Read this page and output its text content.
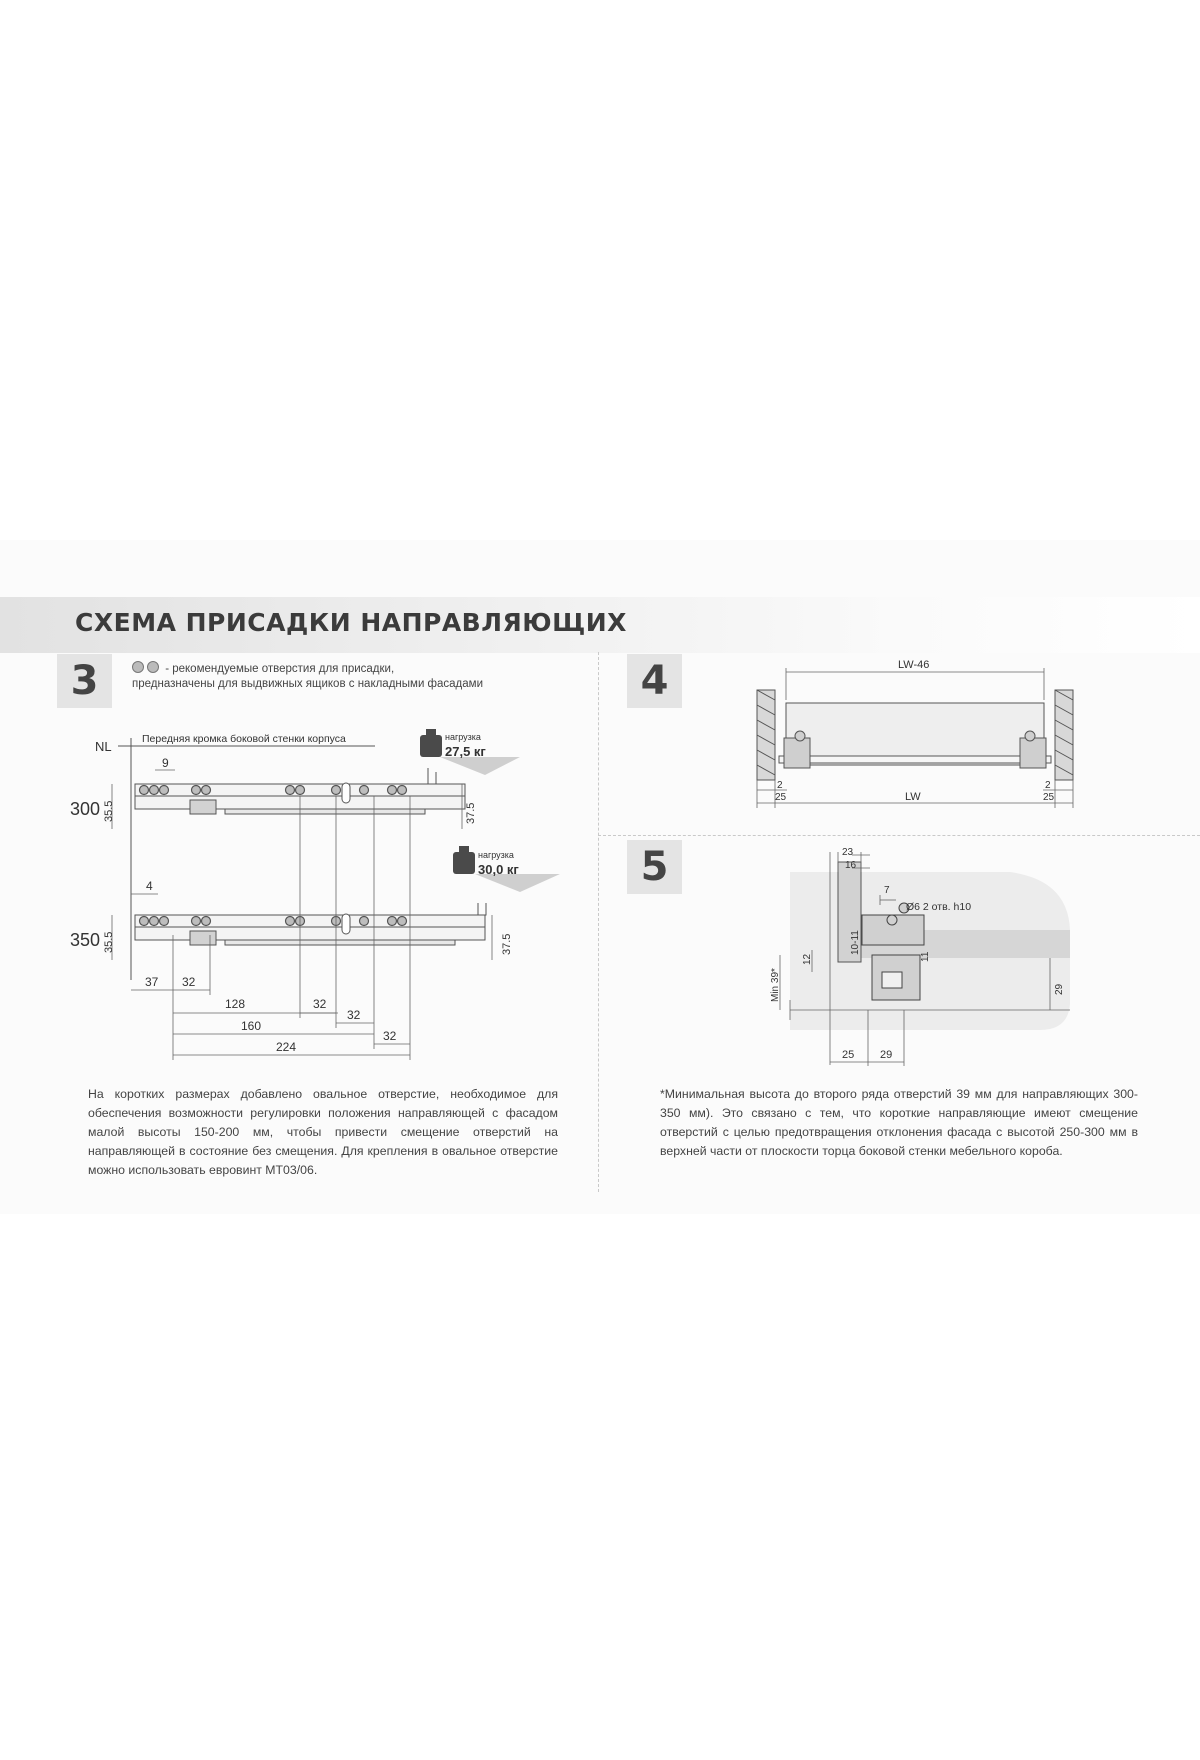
СХЕМА ПРИСАДКИ НАПРАВЛЯЮЩИХ
3	4
5
- рекомендуемые отверстия для присадки,
предназначены для выдвижных ящиков с накладными фасадами
NL	Передняя кромка боковой стенки корпуса	нагрузка
27,5 кг
нагрузка
30,0 кг
300
350
35.5	37.5
35.5	37.5
9
4
37 32
128	32
160
32
32
224
LW-46
LW
2
25
2
25
23
16
7
Ø6 2 отв. h10
10-11
11
12
Min 39*	29
25 29
На коротких размерах добавлено овальное отверстие, необходимое для обеспечения возможности регулировки положения направляющей с фасадом малой высоты 150-200 мм, чтобы привести смещение отверстий на направляющей в состояние без смещения. Для крепления в овальное отверстие можно использовать евровинт МТ03/06.
*Минимальная высота до второго ряда отверстий 39 мм для направляющих 300-350 мм). Это связано с тем, что короткие направляющие имеют смещение отверстий с целью предотвращения отклонения фасада с высотой 250-300 мм в верхней части от плоскости торца боковой стенки мебельного короба.
